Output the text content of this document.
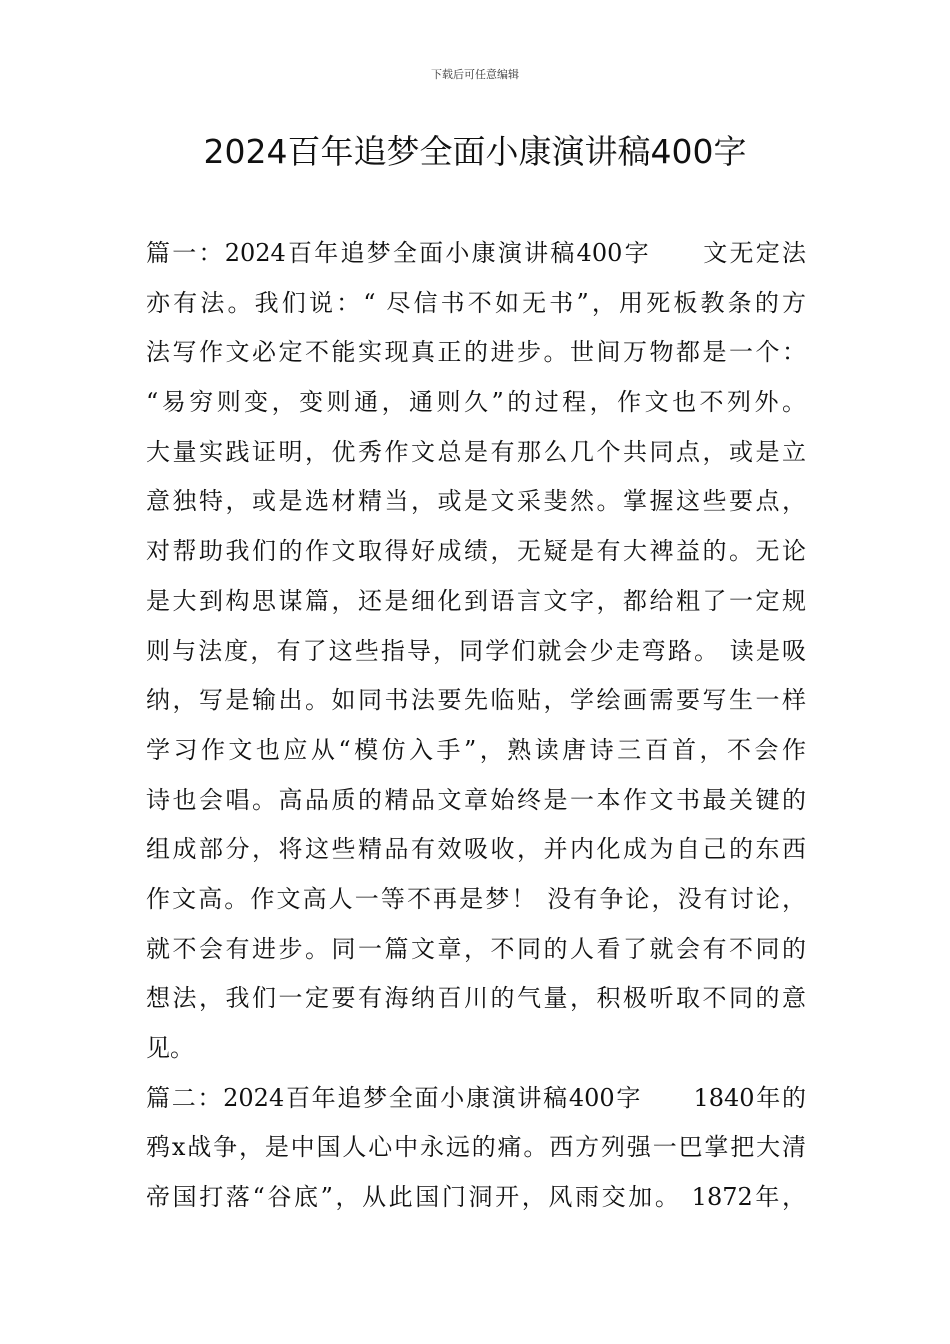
下载后可任意编辑
2024百年追梦全面小康演讲稿400字
篇一：2024百年追梦全面小康演讲稿400字　　文无定法
亦有法。我们说：“ 尽信书不如无书”，用死板教条的方
法写作文必定不能实现真正的进步。世间万物都是一个：
“易穷则变，变则通，通则久”的过程，作文也不列外。
大量实践证明，优秀作文总是有那么几个共同点，或是立
意独特，或是选材精当，或是文采斐然。掌握这些要点，
对帮助我们的作文取得好成绩，无疑是有大裨益的。无论
是大到构思谋篇，还是细化到语言文字，都给粗了一定规
则与法度，有了这些指导，同学们就会少走弯路。 读是吸
纳，写是输出。如同书法要先临贴，学绘画需要写生一样
学习作文也应从“模仿入手”，熟读唐诗三百首，不会作
诗也会唱。高品质的精品文章始终是一本作文书最关键的
组成部分，将这些精品有效吸收，并内化成为自己的东西
作文高。作文高人一等不再是梦！ 没有争论，没有讨论，
就不会有进步。同一篇文章，不同的人看了就会有不同的
想法，我们一定要有海纳百川的气量，积极听取不同的意
见。
篇二：2024百年追梦全面小康演讲稿400字　　1840年的
鸦x战争，是中国人心中永远的痛。西方列强一巴掌把大清
帝国打落“谷底”，从此国门洞开，风雨交加。 1872年，
